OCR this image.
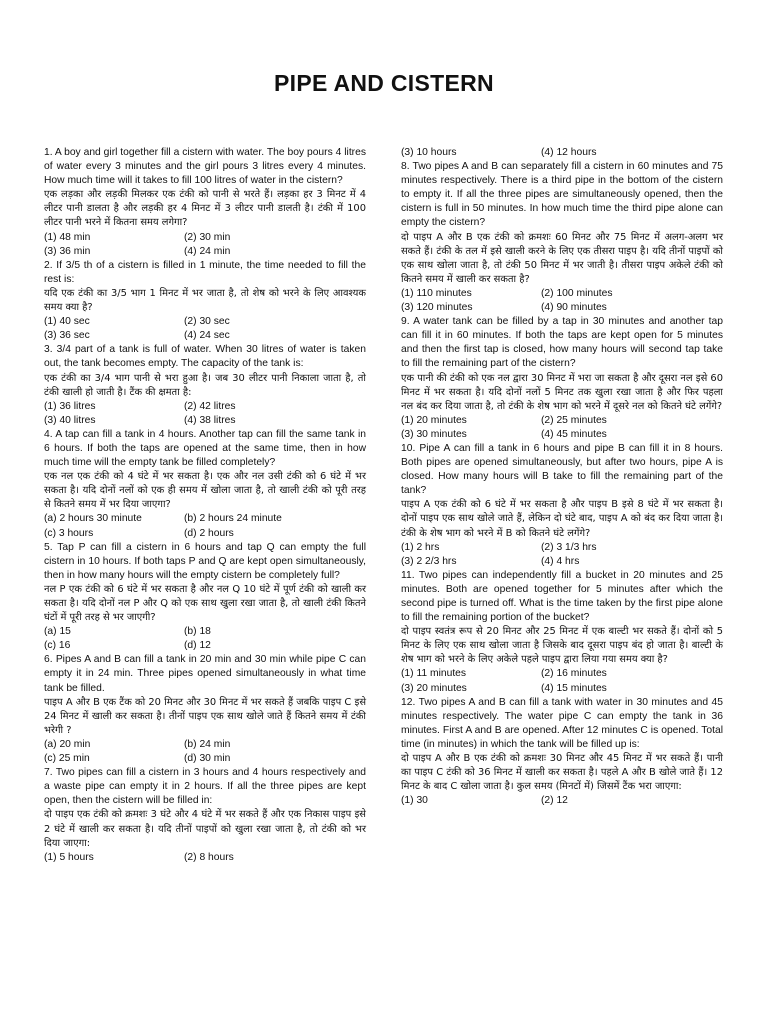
PIPE AND CISTERN

1. A boy and girl together fill a cistern with water. The boy pours 4 litres of water every 3 minutes and the girl pours 3 litres every 4 minutes. How much time will it takes to fill 100 litres of water in the cistern?

एक लड़का और लड़की मिलकर एक टंकी को पानी से भरते हैं। लड़का हर 3 मिनट में 4 लीटर पानी डालता है और लड़की हर 4 मिनट में 3 लीटर पानी डालती है। टंकी में 100 लीटर पानी भरने में कितना समय लगेगा?

(1) 48 min	(2) 30 min
(3) 36 min	(4) 24 min

2. If 3/5 th of a cistern is filled in 1 minute, the time needed to fill the rest is:

यदि एक टंकी का 3/5 भाग 1 मिनट में भर जाता है, तो शेष को भरने के लिए आवश्यक समय क्या है?

(1) 40 sec	(2) 30 sec
(3) 36 sec	(4) 24 sec

3. 3/4 part of a tank is full of water. When 30 litres of water is taken out, the tank becomes empty. The capacity of the tank is:

एक टंकी का 3/4 भाग पानी से भरा हुआ है। जब 30 लीटर पानी निकाला जाता है, तो टंकी खाली हो जाती है। टैंक की क्षमता है:

(1) 36 litres	(2) 42 litres
(3) 40 litres	(4) 38 litres

4. A tap can fill a tank in 4 hours. Another tap can fill the same tank in 6 hours. If both the taps are opened at the same time, then in how much time will the empty tank be filled completely?

एक नल एक टंकी को 4 घंटे में भर सकता है। एक और नल उसी टंकी को 6 घंटे में भर सकता है। यदि दोनों नलों को एक ही समय में खोला जाता है, तो खाली टंकी को पूरी तरह से कितने समय में भर दिया जाएगा?

(a) 2 hours 30 minute	(b) 2 hours 24 minute
(c) 3 hours	(d) 2 hours

5. Tap P can fill a cistern in 6 hours and tap Q can empty the full cistern in 10 hours. If both taps P and Q are kept open simultaneously, then in how many hours will the empty cistern be completely full?

नल P एक टंकी को 6 घंटे में भर सकता है और नल Q 10 घंटे में पूर्ण टंकी को खाली कर सकता है। यदि दोनों नल P और Q को एक साथ खुला रखा जाता है, तो खाली टंकी कितने घंटों में पूरी तरह से भर जाएगी?

(a) 15	(b) 18
(c) 16	(d) 12

6. Pipes A and B can fill a tank in 20 min and 30 min while pipe C can empty it in 24 min. Three pipes opened simultaneously in what time tank be filled.

पाइप A और B एक टैंक को 20 मिनट और 30 मिनट में भर सकते हैं जबकि पाइप C इसे 24 मिनट में खाली कर सकता है। तीनों पाइप एक साथ खोले जाते हैं कितने समय में टंकी भरेगी ?

(a) 20 min	(b) 24 min
(c) 25 min	(d) 30 min

7. Two pipes can fill a cistern in 3 hours and 4 hours respectively and a waste pipe can empty it in 2 hours. If all the three pipes are kept open, then the cistern will be filled in:

दो पाइप एक टंकी को क्रमशः 3 घंटे और 4 घंटे में भर सकते हैं और एक निकास पाइप इसे 2 घंटे में खाली कर सकता है। यदि तीनों पाइपों को खुला रखा जाता है, तो टंकी को भर दिया जाएगा:

(1) 5 hours	(2) 8 hours
(3) 10 hours	(4) 12 hours

8. Two pipes A and B can separately fill a cistern in 60 minutes and 75 minutes respectively. There is a third pipe in the bottom of the cistern to empty it. If all the three pipes are simultaneously opened, then the cistern is full in 50 minutes. In how much time the third pipe alone can empty the cistern?

दो पाइप A और B एक टंकी को क्रमशः 60 मिनट और 75 मिनट में अलग-अलग भर सकते हैं। टंकी के तल में इसे खाली करने के लिए एक तीसरा पाइप है। यदि तीनों पाइपों को एक साथ खोला जाता है, तो टंकी 50 मिनट में भर जाती है। तीसरा पाइप अकेले टंकी को कितने समय में खाली कर सकता है?

(1) 110 minutes	(2) 100 minutes
(3) 120 minutes	(4) 90 minutes

9. A water tank can be filled by a tap in 30 minutes and another tap can fill it in 60 minutes. If both the taps are kept open for 5 minutes and then the first tap is closed, how many hours will second tap take to fill the remaining part of the cistern?

एक पानी की टंकी को एक नल द्वारा 30 मिनट में भरा जा सकता है और दूसरा नल इसे 60 मिनट में भर सकता है। यदि दोनों नलों 5 मिनट तक खुला रखा जाता है और फिर पहला नल बंद कर दिया जाता है, तो टंकी के शेष भाग को भरने में दूसरे नल को कितने घंटे लगेंगे?

(1) 20 minutes	(2) 25 minutes
(3) 30 minutes	(4) 45 minutes

10. Pipe A can fill a tank in 6 hours and pipe B can fill it in 8 hours. Both pipes are opened simultaneously, but after two hours, pipe A is closed. How many hours will B take to fill the remaining part of the tank?

पाइप A एक टंकी को 6 घंटे में भर सकता है और पाइप B इसे 8 घंटे में भर सकता है। दोनों पाइप एक साथ खोले जाते हैं, लेकिन दो घंटे बाद, पाइप A को बंद कर दिया जाता है। टंकी के शेष भाग को भरने में B को कितने घंटे लगेंगे?

(1) 2 hrs	(2) 3 1/3 hrs
(3) 2 2/3 hrs	(4) 4 hrs

11. Two pipes can independently fill a bucket in 20 minutes and 25 minutes. Both are opened together for 5 minutes after which the second pipe is turned off. What is the time taken by the first pipe alone to fill the remaining portion of the bucket?

दो पाइप स्वतंत्र रूप से 20 मिनट और 25 मिनट में एक बाल्टी भर सकते हैं। दोनों को 5 मिनट के लिए एक साथ खोला जाता है जिसके बाद दूसरा पाइप बंद हो जाता है। बाल्टी के शेष भाग को भरने के लिए अकेले पहले पाइप द्वारा लिया गया समय क्या है?

(1) 11 minutes	(2) 16 minutes
(3) 20 minutes	(4) 15 minutes

12. Two pipes A and B can fill a tank with water in 30 minutes and 45 minutes respectively. The water pipe C can empty the tank in 36 minutes. First A and B are opened. After 12 minutes C is opened. Total time (in minutes) in which the tank will be filled up is:

दो पाइप A और B एक टंकी को क्रमशः 30 मिनट और 45 मिनट में भर सकते हैं। पानी का पाइप C टंकी को 36 मिनट में खाली कर सकता है। पहले A और B खोले जाते हैं। 12 मिनट के बाद C खोला जाता है। कुल समय (मिनटों में) जिसमें टैंक भरा जाएगा:

(1) 30	(2) 12
